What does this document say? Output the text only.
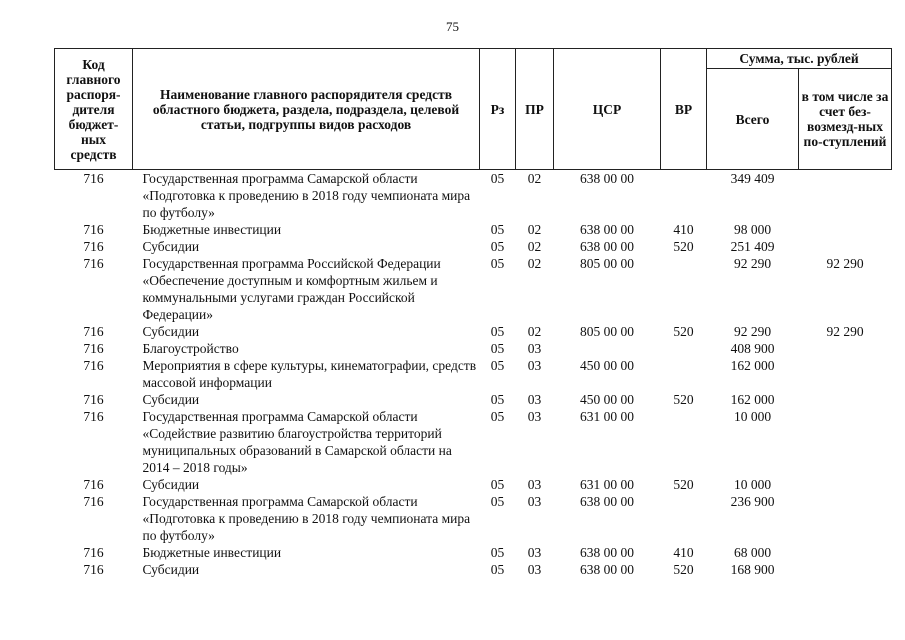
75
Код главного распоря-дителя бюджет-ных средств	Наименование главного распорядителя средств областного бюджета, раздела, подраздела, целевой статьи, подгруппы видов расходов	Рз	ПР	ЦСР	ВР	Сумма, тыс. рублей	
						Всего	в том числе за счет без-возмезд-ных по-ступлений
716	Государственная программа Самарской области «Подготовка к проведению в 2018 году чемпионата мира по футболу»	05	02	638 00 00		349 409	
716	Бюджетные инвестиции	05	02	638 00 00	410	98 000	
716	Субсидии	05	02	638 00 00	520	251 409	
716	Государственная программа Российской Федерации «Обеспечение доступным и комфортным жильем и коммунальными услугами граждан Российской Федерации»	05	02	805 00 00		92 290	92 290
716	Субсидии	05	02	805 00 00	520	92 290	92 290
716	Благоустройство	05	03			408 900	
716	Мероприятия в сфере культуры, кинематографии, средств массовой информации	05	03	450 00 00		162 000	
716	Субсидии	05	03	450 00 00	520	162 000	
716	Государственная программа Самарской области «Содействие развитию благоустройства территорий муниципальных образований в Самарской области на 2014 – 2018 годы»	05	03	631 00 00		10 000	
716	Субсидии	05	03	631 00 00	520	10 000	
716	Государственная программа Самарской области «Подготовка к проведению в 2018 году чемпионата мира по футболу»	05	03	638 00 00		236 900	
716	Бюджетные инвестиции	05	03	638 00 00	410	68 000	
716	Субсидии	05	03	638 00 00	520	168 900	
